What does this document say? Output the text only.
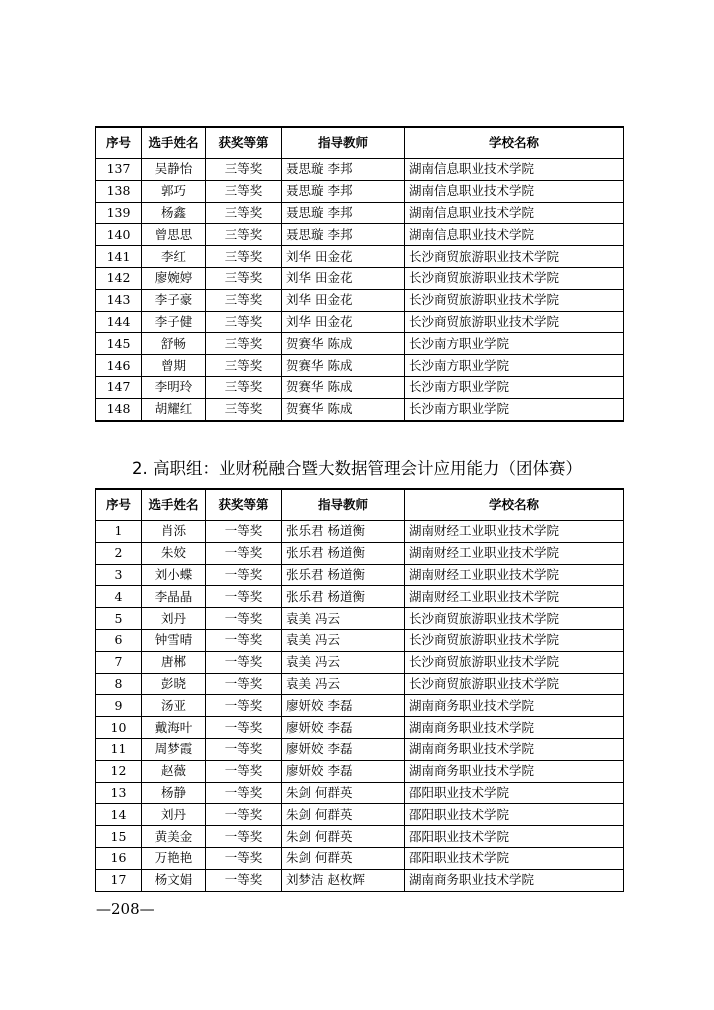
序号	选手姓名	获奖等第	指导教师	学校名称
137	吴静怡	三等奖	聂思璇 李邦	湖南信息职业技术学院
138	郭巧	三等奖	聂思璇 李邦	湖南信息职业技术学院
139	杨鑫	三等奖	聂思璇 李邦	湖南信息职业技术学院
140	曾思思	三等奖	聂思璇 李邦	湖南信息职业技术学院
141	李红	三等奖	刘华 田金花	长沙商贸旅游职业技术学院
142	廖婉婷	三等奖	刘华 田金花	长沙商贸旅游职业技术学院
143	李子豪	三等奖	刘华 田金花	长沙商贸旅游职业技术学院
144	李子健	三等奖	刘华 田金花	长沙商贸旅游职业技术学院
145	舒畅	三等奖	贺赛华 陈成	长沙南方职业学院
146	曾期	三等奖	贺赛华 陈成	长沙南方职业学院
147	李明玲	三等奖	贺赛华 陈成	长沙南方职业学院
148	胡耀红	三等奖	贺赛华 陈成	长沙南方职业学院
2. 高职组：业财税融合暨大数据管理会计应用能力（团体赛）
序号	选手姓名	获奖等第	指导教师	学校名称
1	肖泺	一等奖	张乐君 杨道衡	湖南财经工业职业技术学院
2	朱姣	一等奖	张乐君 杨道衡	湖南财经工业职业技术学院
3	刘小蝶	一等奖	张乐君 杨道衡	湖南财经工业职业技术学院
4	李晶晶	一等奖	张乐君 杨道衡	湖南财经工业职业技术学院
5	刘丹	一等奖	袁美 冯云	长沙商贸旅游职业技术学院
6	钟雪晴	一等奖	袁美 冯云	长沙商贸旅游职业技术学院
7	唐郴	一等奖	袁美 冯云	长沙商贸旅游职业技术学院
8	彭晓	一等奖	袁美 冯云	长沙商贸旅游职业技术学院
9	汤亚	一等奖	廖妍姣 李磊	湖南商务职业技术学院
10	戴海叶	一等奖	廖妍姣 李磊	湖南商务职业技术学院
11	周梦霞	一等奖	廖妍姣 李磊	湖南商务职业技术学院
12	赵薇	一等奖	廖妍姣 李磊	湖南商务职业技术学院
13	杨静	一等奖	朱剑 何群英	邵阳职业技术学院
14	刘丹	一等奖	朱剑 何群英	邵阳职业技术学院
15	黄美金	一等奖	朱剑 何群英	邵阳职业技术学院
16	万艳艳	一等奖	朱剑 何群英	邵阳职业技术学院
17	杨文娟	一等奖	刘梦洁 赵枚辉	湖南商务职业技术学院
—208—
